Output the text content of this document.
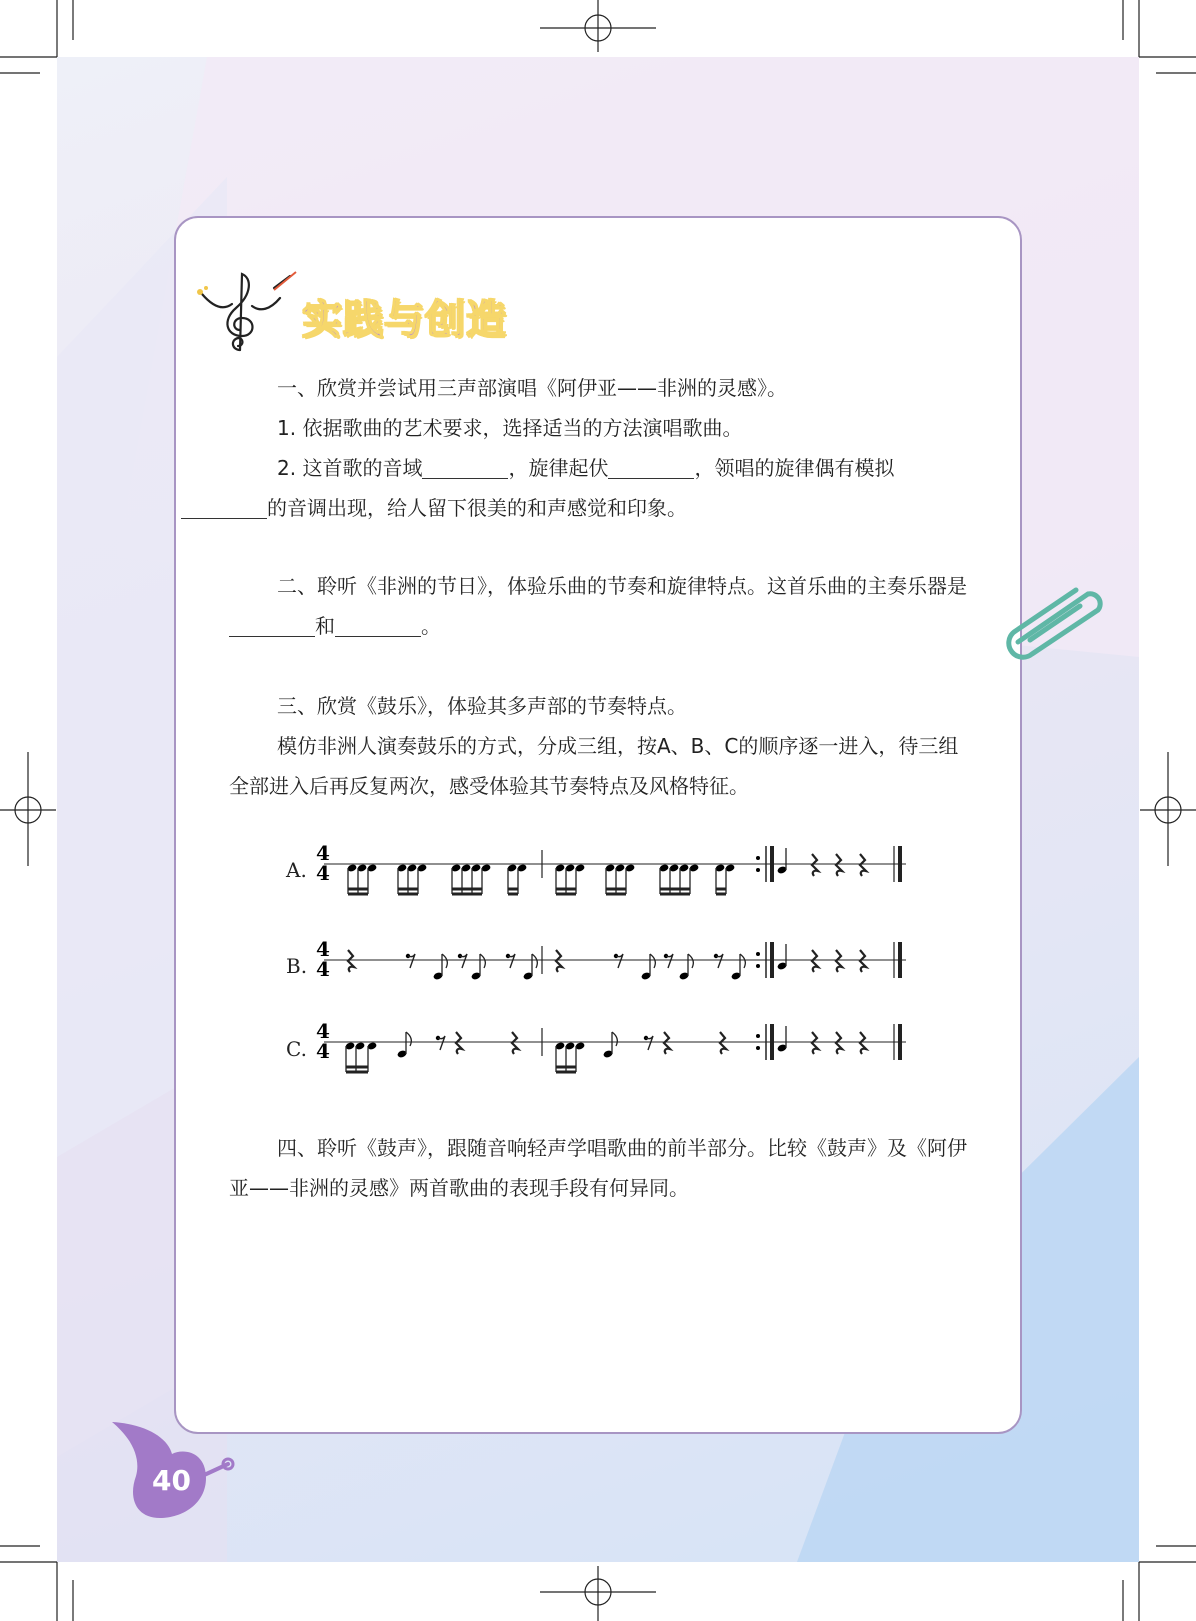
实践与创造

一、欣赏并尝试用三声部演唱《阿伊亚——非洲的灵感》。

1. 依据歌曲的艺术要求，选择适当的方法演唱歌曲。

2. 这首歌的音域	，旋律起伏	，领唱的旋律偶有模拟
的音调出现，给人留下很美的和声感觉和印象。

二、聆听《非洲的节日》，体验乐曲的节奏和旋律特点。这首乐曲的主奏乐器是和	。

三、欣赏《鼓乐》，体验其多声部的节奏特点。

模仿非洲人演奏鼓乐的方式，分成三组，按A、B、C的顺序逐一进入，待三组全部进入后再反复两次，感受体验其节奏特点及风格特征。

A.
B.
C.
4
4
4
4
4
4

四、聆听《鼓声》，跟随音响轻声学唱歌曲的前半部分。比较《鼓声》及《阿伊亚——非洲的灵感》两首歌曲的表现手段有何异同。

40
